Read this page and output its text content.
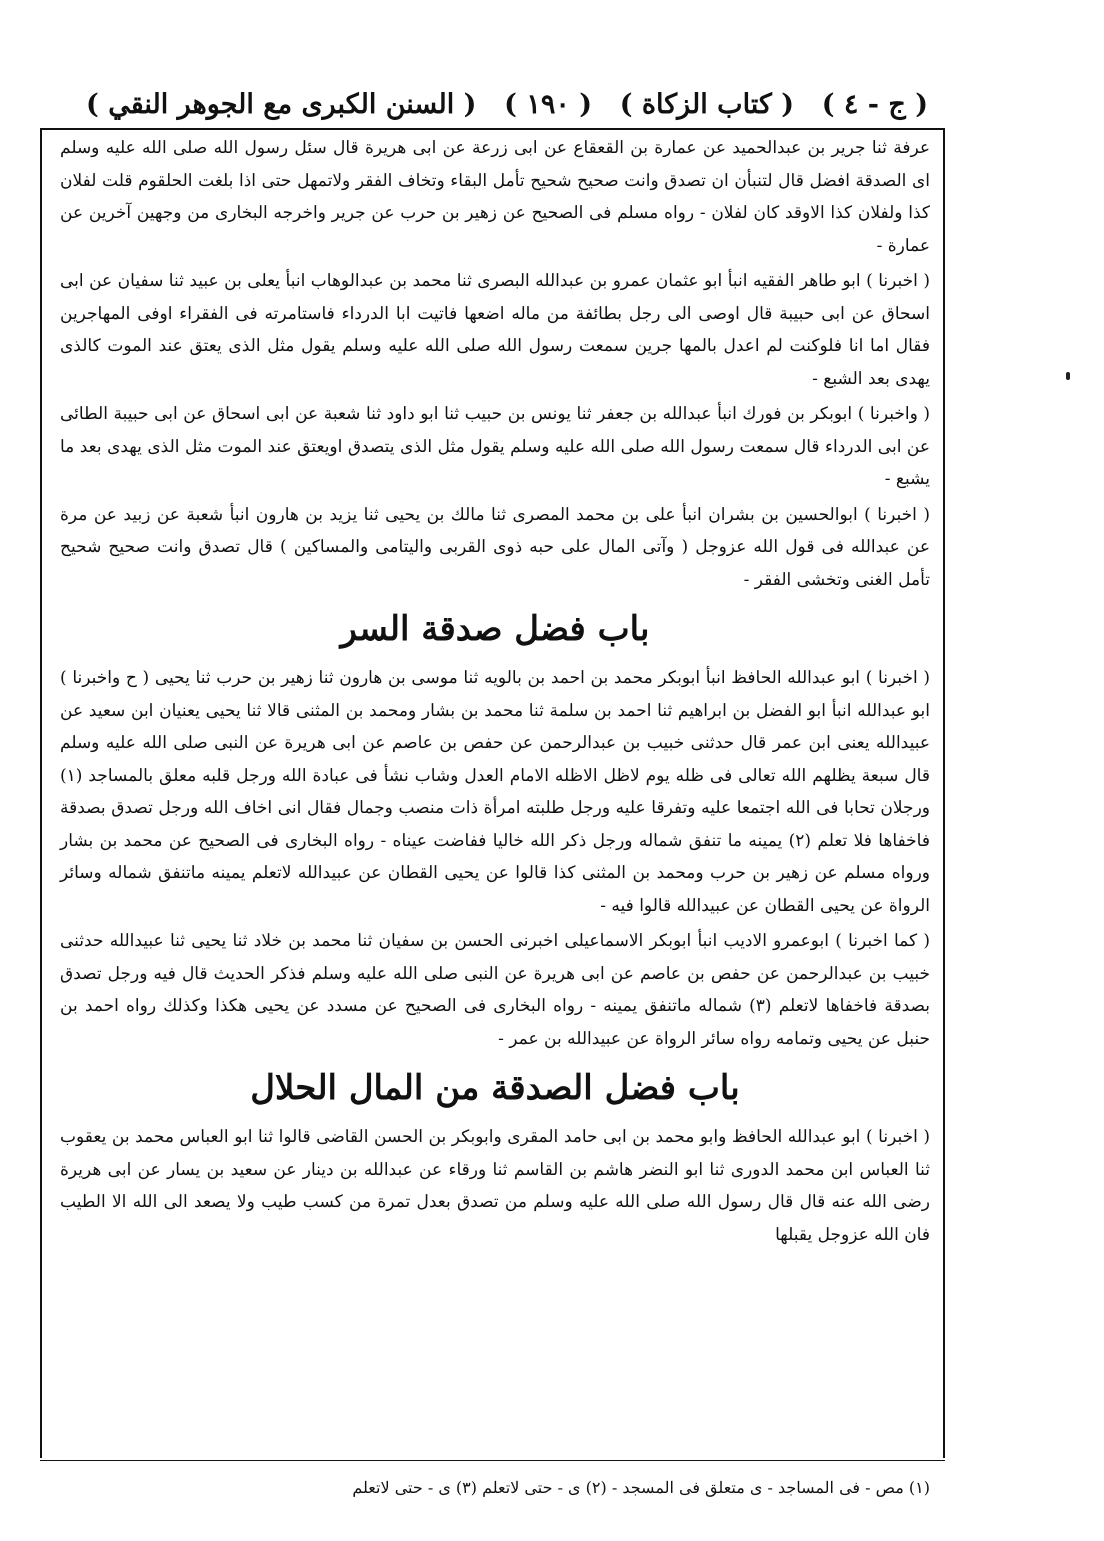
( ج - ٤ )
( كتاب الزكاة )
( ١٩٠ )
( السنن الكبرى مع الجوهر النقي )

عرفة ثنا جرير بن عبدالحميد عن عمارة بن القعقاع عن ابى زرعة عن ابى هريرة قال سئل رسول الله صلى الله عليه وسلم اى الصدقة افضل قال لتنبأن ان تصدق وانت صحيح شحيح تأمل البقاء وتخاف الفقر ولاتمهل حتى اذا بلغت الحلقوم قلت لفلان كذا ولفلان كذا الاوقد كان لفلان - رواه مسلم فى الصحيح عن زهير بن حرب عن جرير واخرجه البخارى من وجهين آخرين عن عمارة -

( اخبرنا ) ابو طاهر الفقيه انبأ ابو عثمان عمرو بن عبدالله البصرى ثنا محمد بن عبدالوهاب انبأ يعلى بن عبيد ثنا سفيان عن ابى اسحاق عن ابى حبيبة قال اوصى الى رجل بطائفة من ماله اضعها فاتيت ابا الدرداء فاستامرته فى الفقراء اوفى المهاجرين فقال اما انا فلوكنت لم اعدل بالمها جرين سمعت رسول الله صلى الله عليه وسلم يقول مثل الذى يعتق عند الموت كالذى يهدى بعد الشبع -

( واخبرنا ) ابوبكر بن فورك انبأ عبدالله بن جعفر ثنا يونس بن حبيب ثنا ابو داود ثنا شعبة عن ابى اسحاق عن ابى حبيبة الطائى عن ابى الدرداء قال سمعت رسول الله صلى الله عليه وسلم يقول مثل الذى يتصدق اويعتق عند الموت مثل الذى يهدى بعد ما يشبع -

( اخبرنا ) ابوالحسين بن بشران انبأ على بن محمد المصرى ثنا مالك بن يحيى ثنا يزيد بن هارون انبأ شعبة عن زبيد عن مرة عن عبدالله فى قول الله عزوجل ( وآتى المال على حبه ذوى القربى واليتامى والمساكين ) قال تصدق وانت صحيح شحيح تأمل الغنى وتخشى الفقر -

باب فضل صدقة السر

( اخبرنا ) ابو عبدالله الحافظ انبأ ابوبكر محمد بن احمد بن بالويه ثنا موسى بن هارون ثنا زهير بن حرب ثنا يحيى ( ح واخبرنا ) ابو عبدالله انبأ ابو الفضل بن ابراهيم ثنا احمد بن سلمة ثنا محمد بن بشار ومحمد بن المثنى قالا ثنا يحيى يعنيان ابن سعيد عن عبيدالله يعنى ابن عمر قال حدثنى خبيب بن عبدالرحمن عن حفص بن عاصم عن ابى هريرة عن النبى صلى الله عليه وسلم قال سبعة يظلهم الله تعالى فى ظله يوم لاظل الاظله الامام العدل وشاب نشأ فى عبادة الله ورجل قلبه معلق بالمساجد (١) ورجلان تحابا فى الله اجتمعا عليه وتفرقا عليه ورجل طلبته امرأة ذات منصب وجمال فقال انى اخاف الله ورجل تصدق بصدقة فاخفاها فلا تعلم (٢) يمينه ما تنفق شماله ورجل ذكر الله خاليا ففاضت عيناه - رواه البخارى فى الصحيح عن محمد بن بشار ورواه مسلم عن زهير بن حرب ومحمد بن المثنى كذا قالوا عن يحيى القطان عن عبيدالله لاتعلم يمينه ماتنفق شماله وسائر الرواة عن يحيى القطان عن عبيدالله قالوا فيه -

( كما اخبرنا ) ابوعمرو الاديب انبأ ابوبكر الاسماعيلى اخبرنى الحسن بن سفيان ثنا محمد بن خلاد ثنا يحيى ثنا عبيدالله حدثنى خبيب بن عبدالرحمن عن حفص بن عاصم عن ابى هريرة عن النبى صلى الله عليه وسلم فذكر الحديث قال فيه ورجل تصدق بصدقة فاخفاها لاتعلم (٣) شماله ماتنفق يمينه - رواه البخارى فى الصحيح عن مسدد عن يحيى هكذا وكذلك رواه احمد بن حنبل عن يحيى وتمامه رواه سائر الرواة عن عبيدالله بن عمر -

باب فضل الصدقة من المال الحلال

( اخبرنا ) ابو عبدالله الحافظ وابو محمد بن ابى حامد المقرى وابوبكر بن الحسن القاضى قالوا ثنا ابو العباس محمد بن يعقوب ثنا العباس ابن محمد الدورى ثنا ابو النضر هاشم بن القاسم ثنا ورقاء عن عبدالله بن دينار عن سعيد بن يسار عن ابى هريرة رضى الله عنه قال قال رسول الله صلى الله عليه وسلم من تصدق بعدل تمرة من كسب طيب ولا يصعد الى الله الا الطيب فان الله عزوجل يقبلها

(١) مص - فى المساجد - ى متعلق فى المسجد - (٢) ى - حتى لاتعلم (٣) ى - حتى لاتعلم
